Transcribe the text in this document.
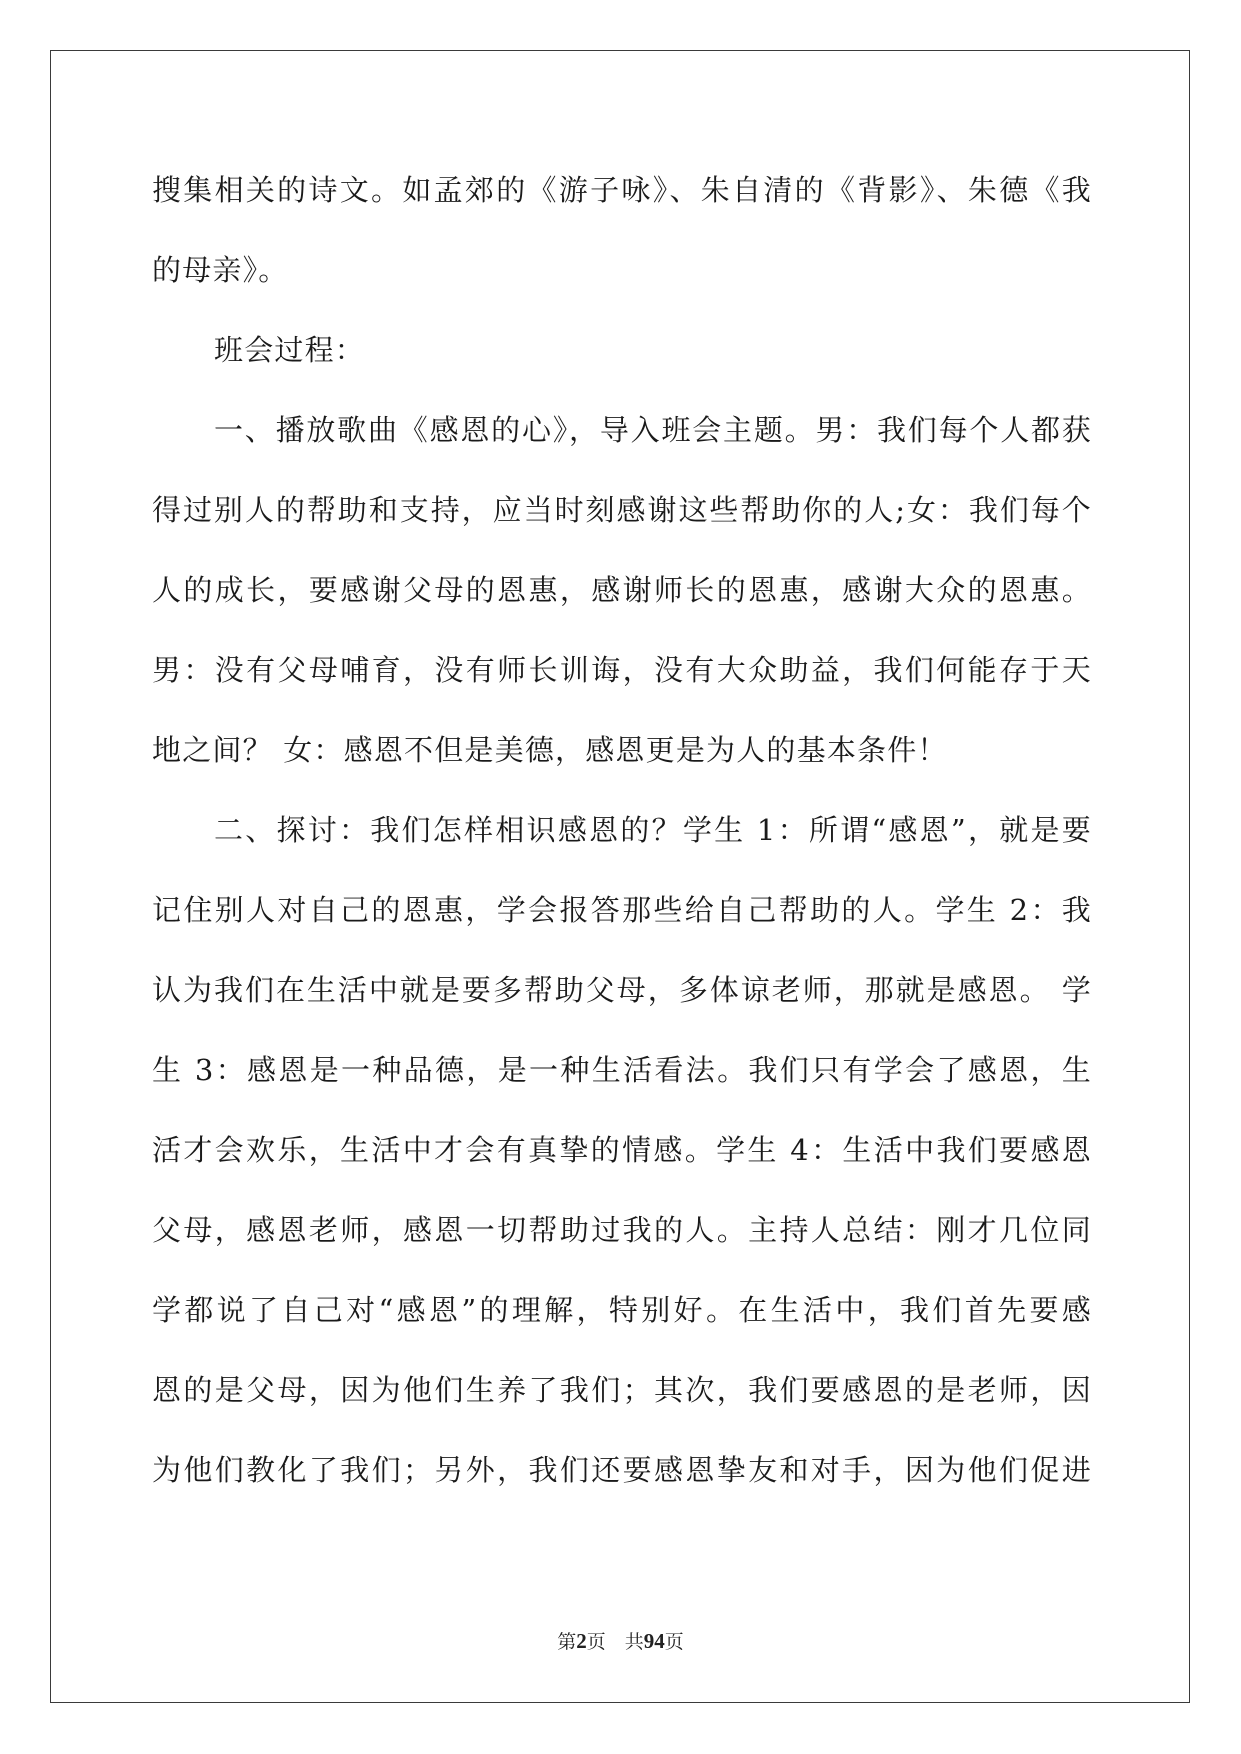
搜集相关的诗文。如孟郊的《游子咏》、朱自清的《背影》、朱德《我
的母亲》。
班会过程：
一、播放歌曲《感恩的心》，导入班会主题。男：我们每个人都获
得过别人的帮助和支持，应当时刻感谢这些帮助你的人;女：我们每个
人的成长，要感谢父母的恩惠，感谢师长的恩惠，感谢大众的恩惠。
男：没有父母哺育，没有师长训诲，没有大众助益，我们何能存于天
地之间？ 女：感恩不但是美德，感恩更是为人的基本条件！
二、探讨：我们怎样相识感恩的？学生 1：所谓“感恩”，就是要
记住别人对自己的恩惠，学会报答那些给自己帮助的人。学生 2：我
认为我们在生活中就是要多帮助父母，多体谅老师，那就是感恩。 学
生 3：感恩是一种品德，是一种生活看法。我们只有学会了感恩，生
活才会欢乐，生活中才会有真挚的情感。学生 4：生活中我们要感恩
父母，感恩老师，感恩一切帮助过我的人。主持人总结：刚才几位同
学都说了自己对“感恩”的理解，特别好。在生活中，我们首先要感
恩的是父母，因为他们生养了我们；其次，我们要感恩的是老师，因
为他们教化了我们；另外，我们还要感恩挚友和对手，因为他们促进
第2页　共94页
